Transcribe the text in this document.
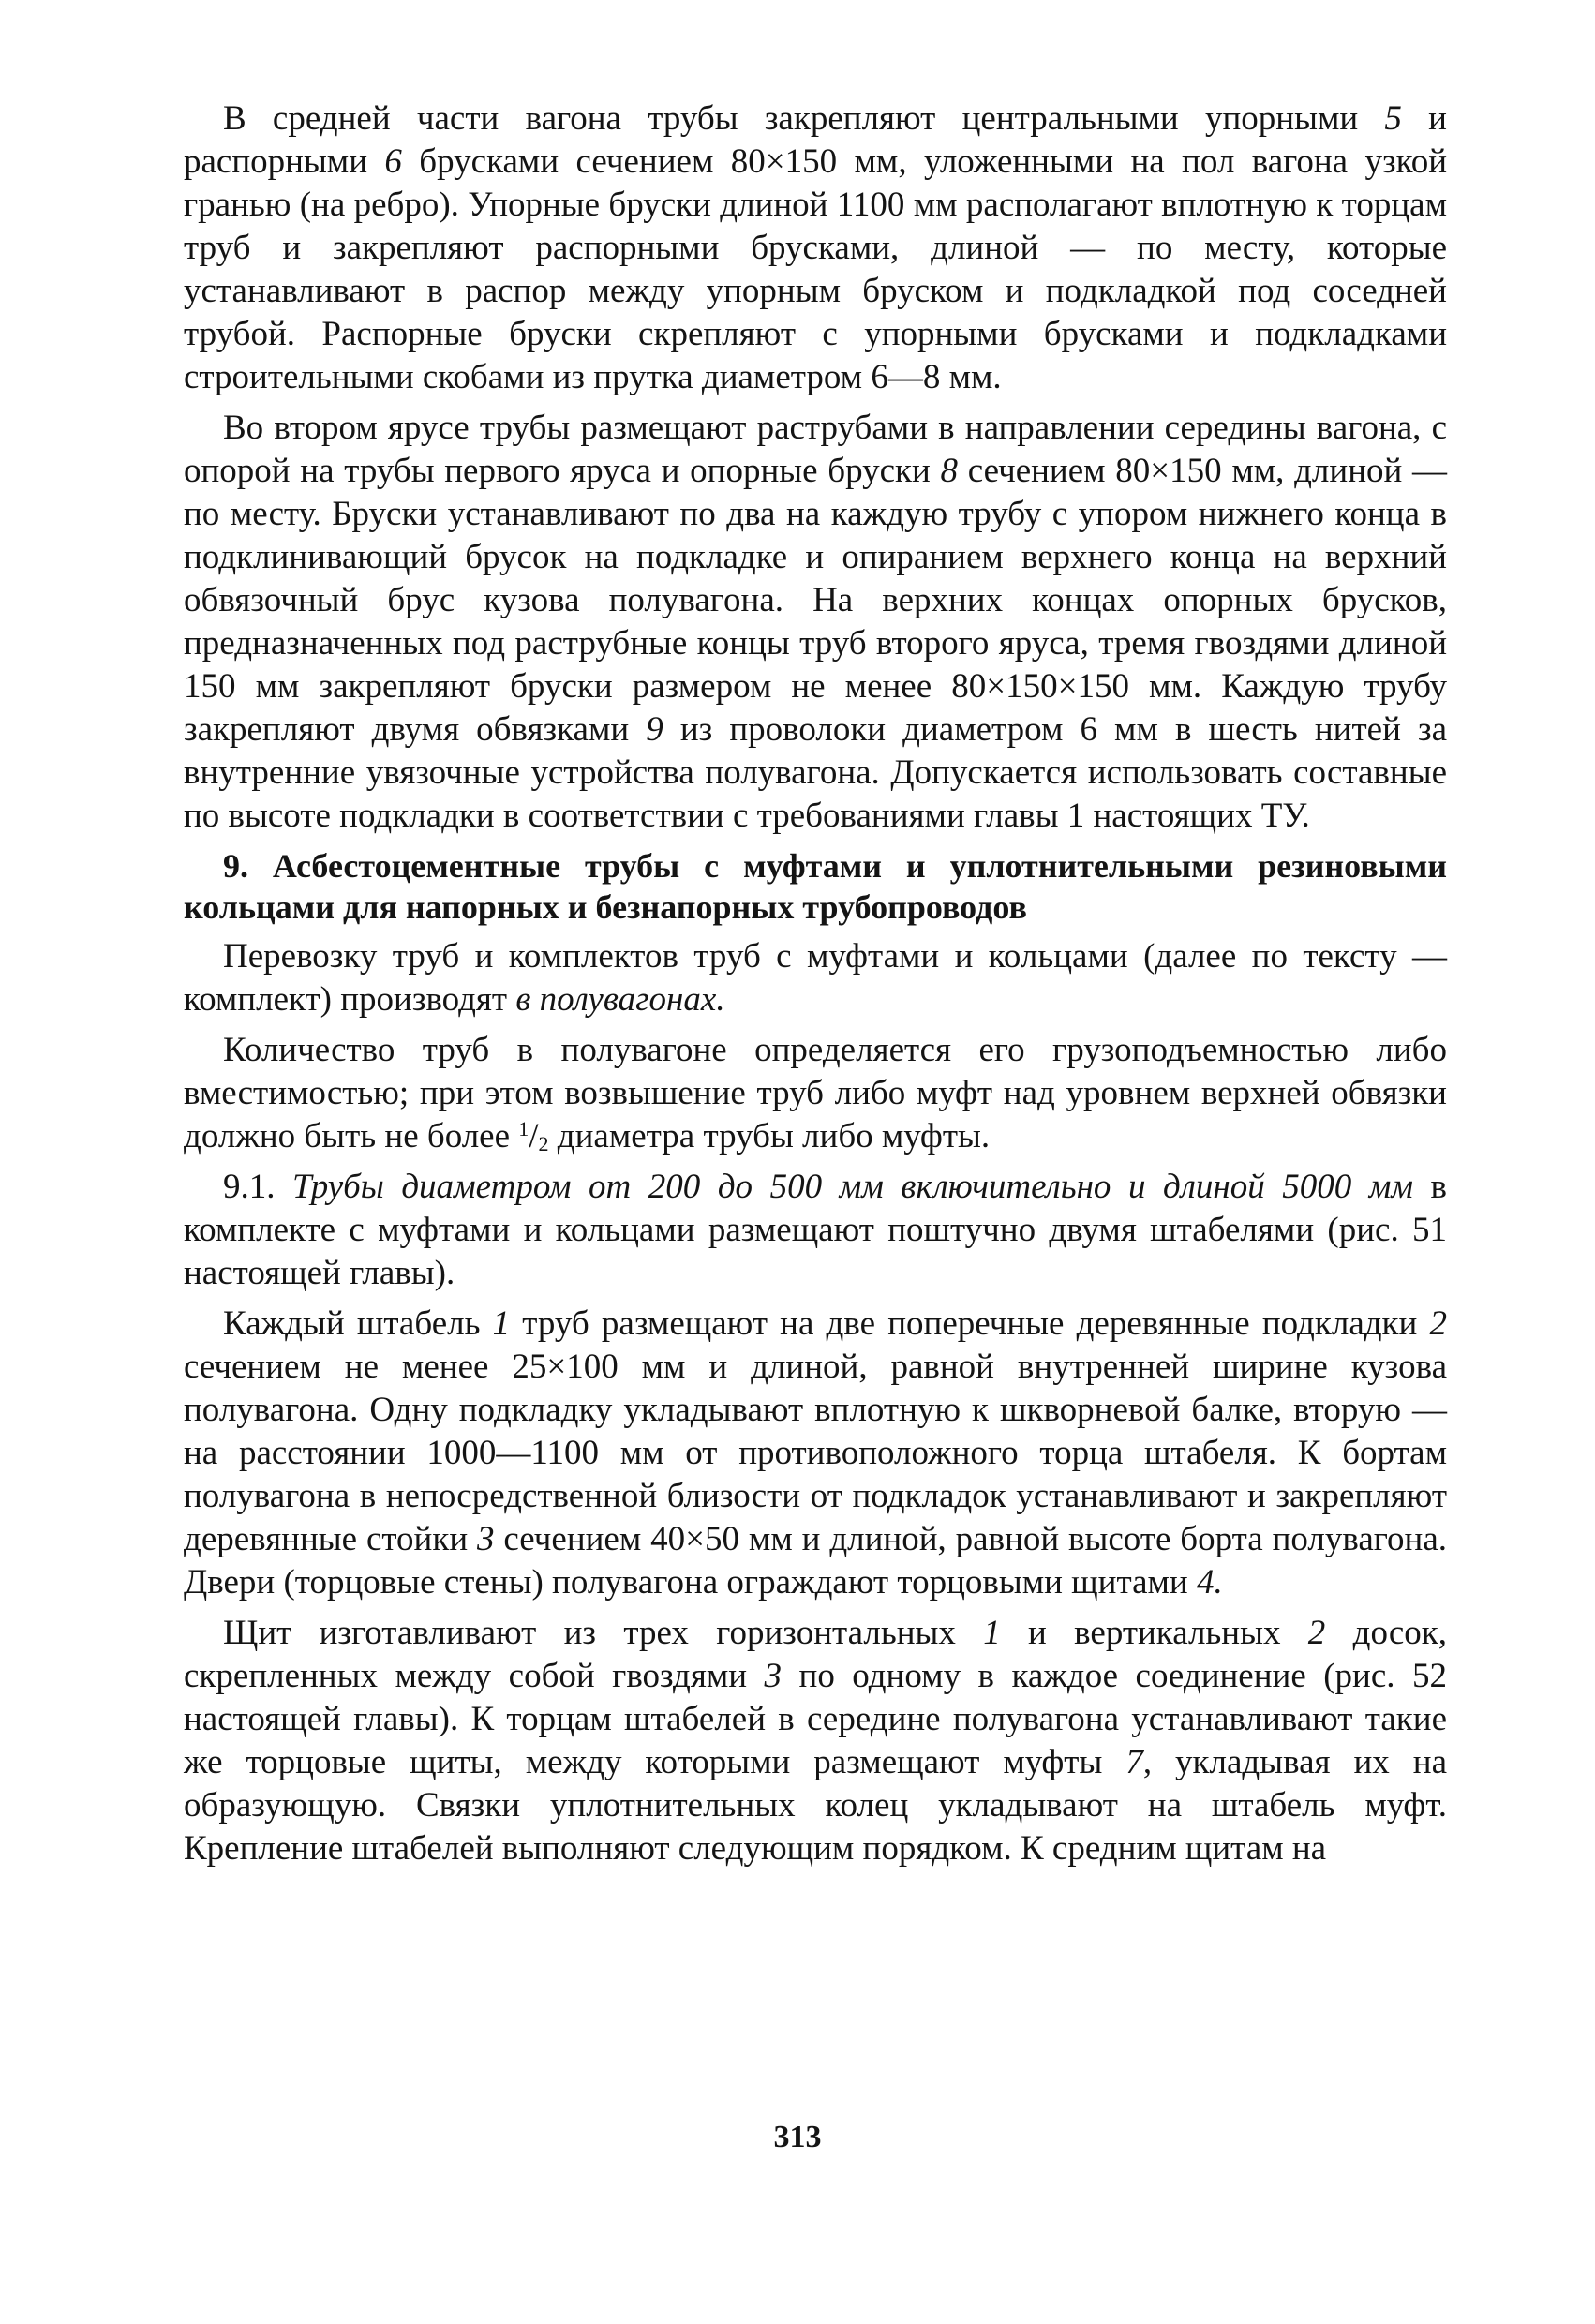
В средней части вагона трубы закрепляют центральными упорными 5 и распорными 6 брусками сечением 80×150 мм, уложенными на пол вагона узкой гранью (на ребро). Упорные бруски длиной 1100 мм располагают вплотную к торцам труб и закрепляют распорными брусками, длиной — по месту, которые устанавливают в распор между упорным бруском и подкладкой под соседней трубой. Распорные бруски скрепляют с упорными брусками и подкладками строительными скобами из прутка диаметром 6—8 мм.

Во втором ярусе трубы размещают раструбами в направлении середины вагона, с опорой на трубы первого яруса и опорные бруски 8 сечением 80×150 мм, длиной — по месту. Бруски устанавливают по два на каждую трубу с упором нижнего конца в подклинивающий брусок на подкладке и опиранием верхнего конца на верхний обвязочный брус кузова полувагона. На верхних концах опорных брусков, предназначенных под раструбные концы труб второго яруса, тремя гвоздями длиной 150 мм закрепляют бруски размером не менее 80×150×150 мм. Каждую трубу закрепляют двумя обвязками 9 из проволоки диаметром 6 мм в шесть нитей за внутренние увязочные устройства полувагона. Допускается использовать составные по высоте подкладки в соответствии с требованиями главы 1 настоящих ТУ.

9. Асбестоцементные трубы с муфтами и уплотнительными резиновыми кольцами для напорных и безнапорных трубопроводов

Перевозку труб и комплектов труб с муфтами и кольцами (далее по тексту — комплект) производят в полувагонах.

Количество труб в полувагоне определяется его грузоподъемностью либо вместимостью; при этом возвышение труб либо муфт над уровнем верхней обвязки должно быть не более $^1/_2$ диаметра трубы либо муфты.

9.1. Трубы диаметром от 200 до 500 мм включительно и длиной 5000 мм в комплекте с муфтами и кольцами размещают поштучно двумя штабелями (рис. 51 настоящей главы).

Каждый штабель 1 труб размещают на две поперечные деревянные подкладки 2 сечением не менее 25×100 мм и длиной, равной внутренней ширине кузова полувагона. Одну подкладку укладывают вплотную к шкворневой балке, вторую — на расстоянии 1000—1100 мм от противоположного торца штабеля. К бортам полувагона в непосредственной близости от подкладок устанавливают и закрепляют деревянные стойки 3 сечением 40×50 мм и длиной, равной высоте борта полувагона. Двери (торцовые стены) полувагона ограждают торцовыми щитами 4.

Щит изготавливают из трех горизонтальных 1 и вертикальных 2 досок, скрепленных между собой гвоздями 3 по одному в каждое соединение (рис. 52 настоящей главы). К торцам штабелей в середине полувагона устанавливают такие же торцовые щиты, между которыми размещают муфты 7, укладывая их на образующую. Связки уплотнительных колец укладывают на штабель муфт. Крепление штабелей выполняют следующим порядком. К средним щитам на

313
